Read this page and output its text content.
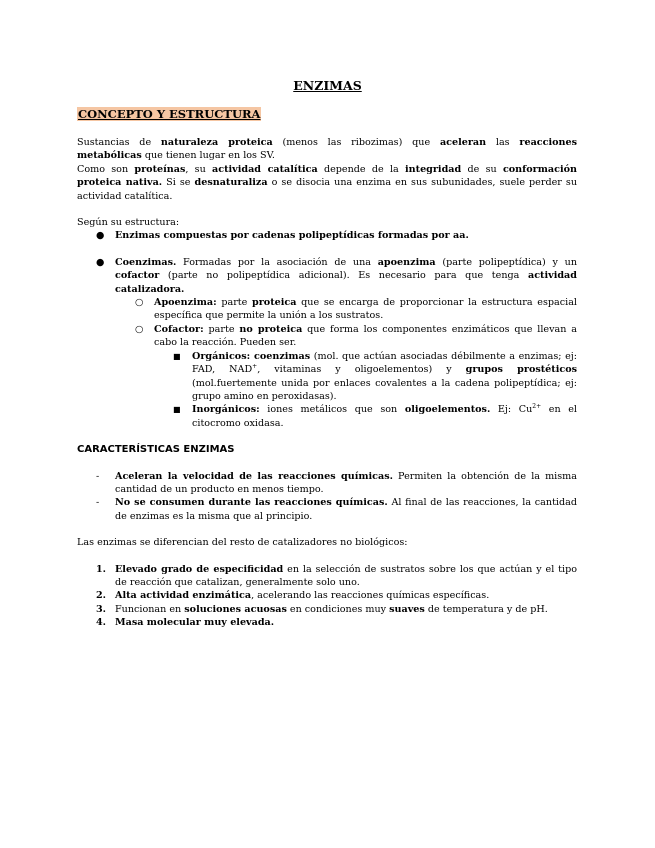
ENZIMAS
CONCEPTO Y ESTRUCTURA

Sustancias de naturaleza proteica (menos las ribozimas) que aceleran las reacciones metabólicas que tienen lugar en los SV.

Como son proteínas, su actividad catalítica depende de la integridad de su conformación proteica nativa. Si se desnaturaliza o se disocia una enzima en sus subunidades, suele perder su actividad catalítica.

Según su estructura:

● Enzimas compuestas por cadenas polipeptídicas formadas por aa.
● Coenzimas. Formadas por la asociación de una apoenzima (parte polipeptídica) y un cofactor (parte no polipeptídica adicional). Es necesario para que tenga actividad catalizadora.
○ Apoenzima: parte proteica que se encarga de proporcionar la estructura espacial específica que permite la unión a los sustratos.
○ Cofactor: parte no proteica que forma los componentes enzimáticos que llevan a cabo la reacción. Pueden ser.
■ Orgánicos: coenzimas (mol. que actúan asociadas débilmente a enzimas; ej: FAD, NAD+, vitaminas y oligoelementos) y grupos prostéticos (mol.fuertemente unida por enlaces covalentes a la cadena polipeptídica; ej: grupo amino en peroxidasas).
■ Inorgánicos: iones metálicos que son oligoelementos. Ej: $Cu^{2+}$ en el citocromo oxidasa.

CARACTERÍSTICAS ENZIMAS

- Aceleran la velocidad de las reacciones químicas. Permiten la obtención de la misma cantidad de un producto en menos tiempo.
- No se consumen durante las reacciones químicas. Al final de las reacciones, la cantidad de enzimas es la misma que al principio.

Las enzimas se diferencian del resto de catalizadores no biológicos:

1. Elevado grado de especificidad en la selección de sustratos sobre los que actúan y el tipo de reacción que catalizan, generalmente solo uno.
2. Alta actividad enzimática, acelerando las reacciones químicas específicas.
3. Funcionan en soluciones acuosas en condiciones muy suaves de temperatura y de pH.
4. Masa molecular muy elevada.
